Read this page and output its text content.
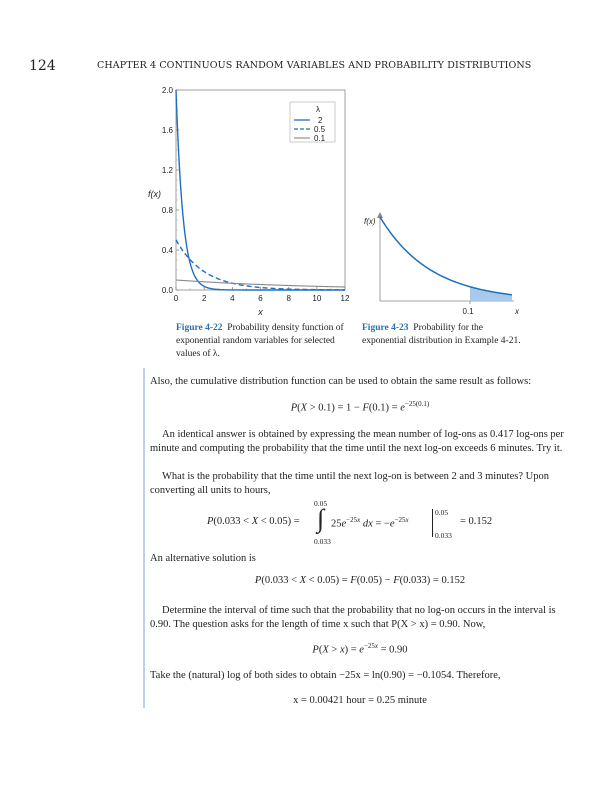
124	CHAPTER 4 CONTINUOUS RANDOM VARIABLES AND PROBABILITY DISTRIBUTIONS
f(x)
0.0
0.4
0.8
1.2
1.6
2.0
0	2	4	6	8	10 12
x
λ
2
0.5
0.1
f(x)
0.1	x
Figure 4-22 Probability density function of exponential random variables for selected values of λ.
Figure 4-23 Probability for the exponential distribution in Example 4-21.
Also, the cumulative distribution function can be used to obtain the same result as follows:
$P(X > 0.1) = 1 - F(0.1) = e^{-25(0.1)}$
An identical answer is obtained by expressing the mean number of log-ons as 0.417 log-ons per minute and computing the probability that the time until the next log-on exceeds 6 minutes. Try it.
What is the probability that the time until the next log-on is between 2 and 3 minutes? Upon converting all units to hours,
P(0.033 < X < 0.05) =
0.05
∫
0.033
$25e^{-25x}$ dx = $-e^{-25x}$
0.05
0.033
= 0.152
An alternative solution is
P(0.033 < X < 0.05) = F(0.05) − F(0.033) = 0.152
Determine the interval of time such that the probability that no log-on occurs in the interval is 0.90. The question asks for the length of time x such that P(X > x) = 0.90. Now,
$P(X > x) = e^{-25x} = 0.90$
Take the (natural) log of both sides to obtain −25x = ln(0.90) = −0.1054. Therefore,
x = 0.00421 hour = 0.25 minute
